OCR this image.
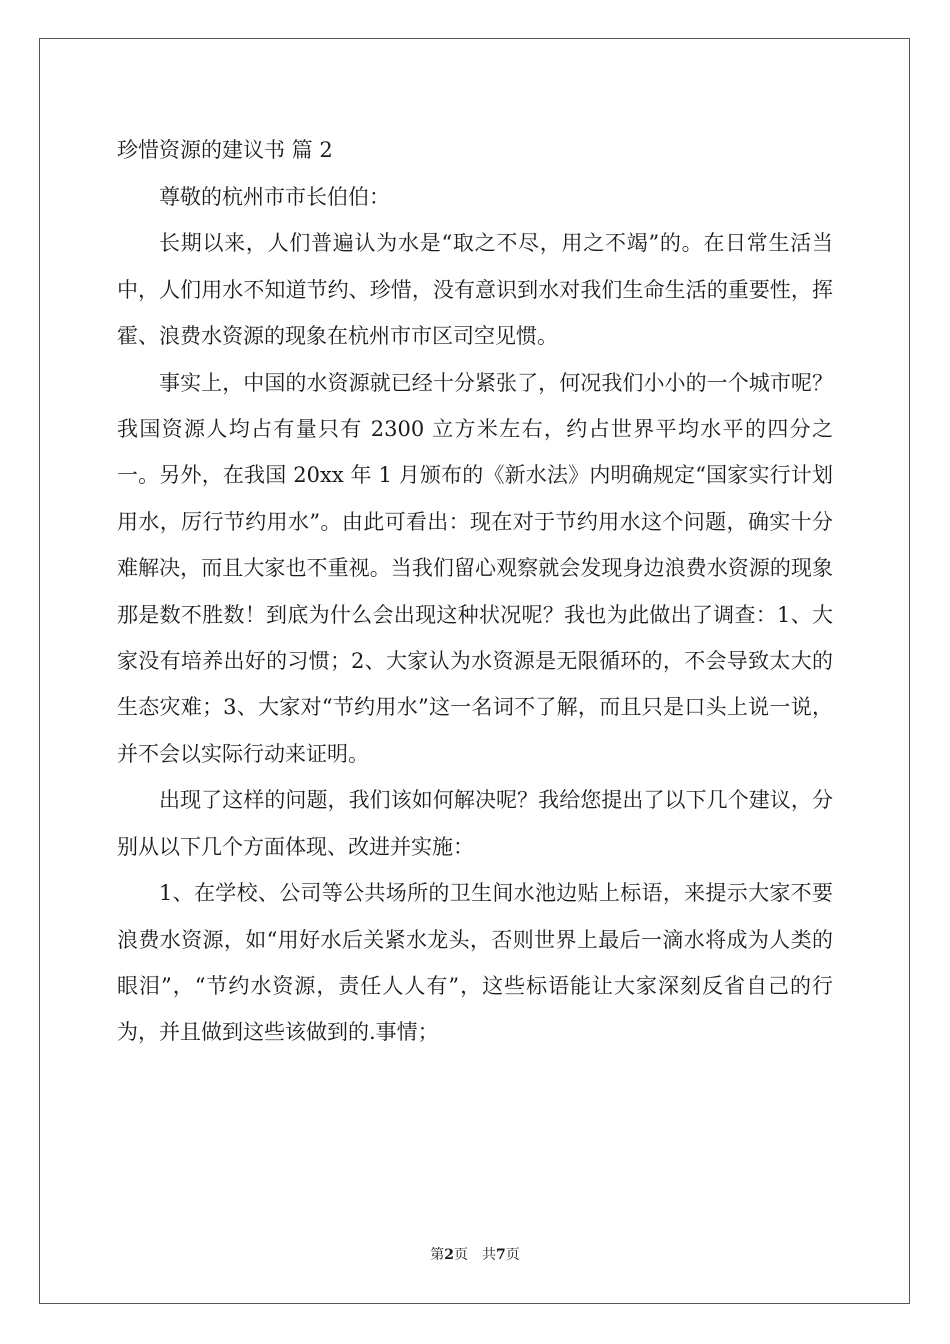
珍惜资源的建议书 篇 2

尊敬的杭州市市长伯伯：

长期以来，人们普遍认为水是“取之不尽，用之不竭”的。在日常生活当中，人们用水不知道节约、珍惜，没有意识到水对我们生命生活的重要性，挥霍、浪费水资源的现象在杭州市市区司空见惯。

事实上，中国的水资源就已经十分紧张了，何况我们小小的一个城市呢？我国资源人均占有量只有 2300 立方米左右，约占世界平均水平的四分之一。另外，在我国 20xx 年 1 月颁布的《新水法》内明确规定“国家实行计划用水，厉行节约用水”。由此可看出：现在对于节约用水这个问题，确实十分难解决，而且大家也不重视。当我们留心观察就会发现身边浪费水资源的现象那是数不胜数！到底为什么会出现这种状况呢？我也为此做出了调查：1、大家没有培养出好的习惯；2、大家认为水资源是无限循环的，不会导致太大的生态灾难；3、大家对“节约用水”这一名词不了解，而且只是口头上说一说，并不会以实际行动来证明。

出现了这样的问题，我们该如何解决呢？我给您提出了以下几个建议，分别从以下几个方面体现、改进并实施：

1、在学校、公司等公共场所的卫生间水池边贴上标语，来提示大家不要浪费水资源，如“用好水后关紧水龙头，否则世界上最后一滴水将成为人类的眼泪”，“节约水资源，责任人人有”，这些标语能让大家深刻反省自己的行为，并且做到这些该做到的.事情；

第2页 共7页
